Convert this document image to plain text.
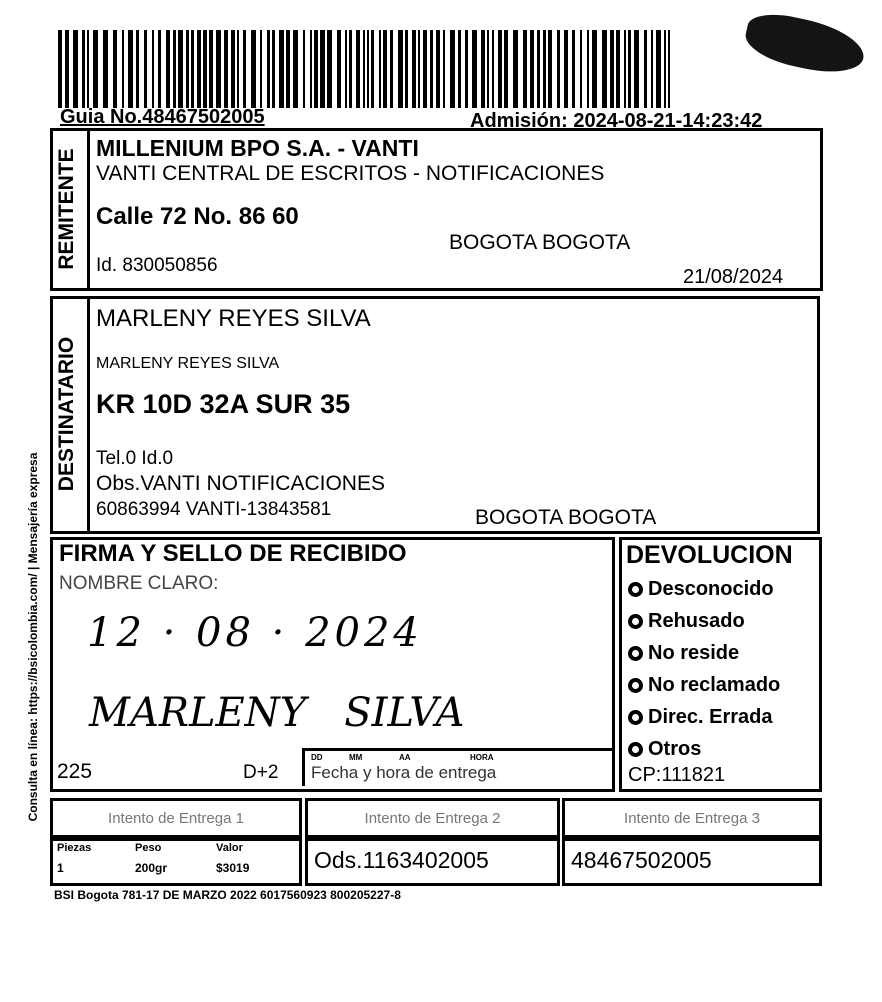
Guia No.48467502005	Admisión: 2024-08-21-14:23:42
Consulta en línea: https://bsicolombia.com/ | Mensajería expresa
REMITENTE
MILLENIUM BPO S.A. - VANTI
VANTI CENTRAL DE ESCRITOS - NOTIFICACIONES
Calle 72 No. 86 60
BOGOTA BOGOTA
Id. 830050856
21/08/2024
DESTINATARIO
MARLENY REYES SILVA
MARLENY REYES SILVA
KR 10D 32A SUR 35
Tel.0 Id.0
Obs.VANTI NOTIFICACIONES
60863994 VANTI-13843581	BOGOTA BOGOTA
FIRMA Y SELLO DE RECIBIDO
NOMBRE CLARO:
12 · 08 · 2024
MARLENY   SILVA
225	D+2
DD	MM	AA	HORA
Fecha y hora de entrega
DEVOLUCION
Desconocido
Rehusado
No reside
No reclamado
Direc. Errada
Otros
CP:111821
Intento de Entrega 1	Intento de Entrega 2	Intento de Entrega 3
Piezas	Peso	Valor
1	200gr	$3019	Ods.1163402005	48467502005
BSI Bogota 781-17 DE MARZO 2022 6017560923 800205227-8
